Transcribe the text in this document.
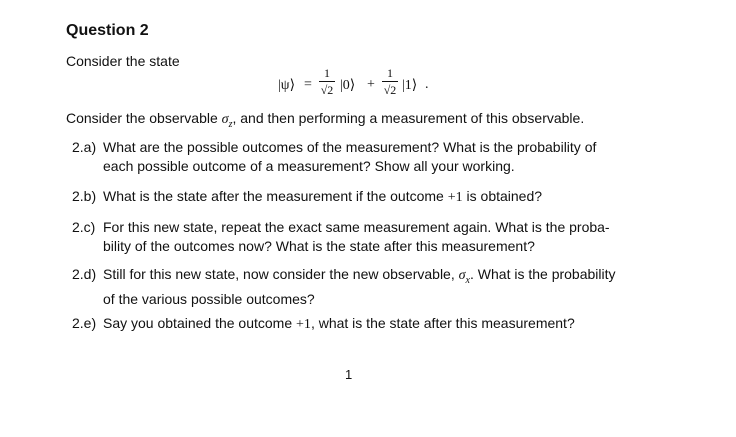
Question 2
Consider the state
|ψ⟩ =
1
√2 |0⟩ +
1
√2 |1⟩ .
Consider the observable $\sigma_z$, and then performing a measurement of this observable.
2.a) What are the possible outcomes of the measurement? What is the probability of
each possible outcome of a measurement? Show all your working.
2.b) What is the state after the measurement if the outcome +1 is obtained?
2.c) For this new state, repeat the exact same measurement again. What is the proba-
bility of the outcomes now? What is the state after this measurement?
2.d) Still for this new state, now consider the new observable, $\sigma_x$. What is the probability
of the various possible outcomes?
2.e) Say you obtained the outcome +1, what is the state after this measurement?
1
